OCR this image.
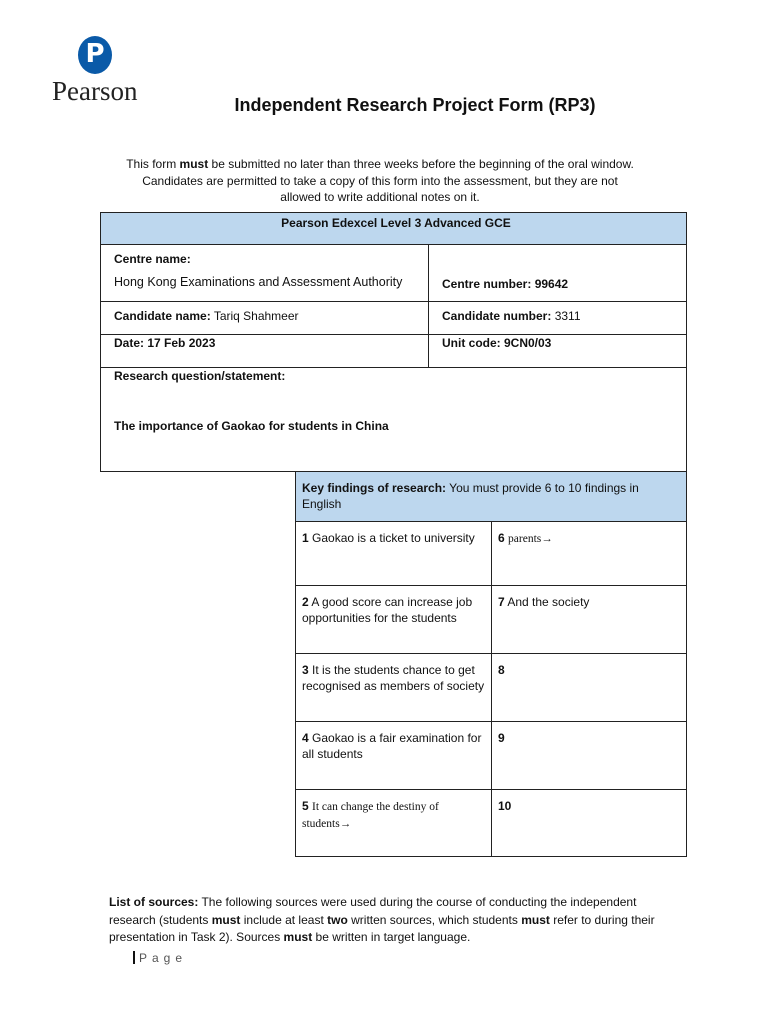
P
Pearson	Independent Research Project Form (RP3)
This form must be submitted no later than three weeks before the beginning of the oral window.
Candidates are permitted to take a copy of this form into the assessment, but they are not
allowed to write additional notes on it.
Pearson Edexcel Level 3 Advanced GCE	

Centre name:
Hong Kong Examinations and Assessment Authority	Centre number: 99642
Candidate name: Tariq Shahmeer	Candidate number: 3311
Date: 17 Feb 2023	Unit code: 9CN0/03

Research question/statement:
The importance of Gaokao for students in China	
Key findings of research: You must provide 6 to 10 findings in English	
1 Gaokao is a ticket to university	6 parents→
2 A good score can increase job opportunities for the students	7 And the society
3 It is the students chance to get recognised as members of society	8
4 Gaokao is a fair examination for all students	9
5 It can change the destiny of students→	10
List of sources: The following sources were used during the course of conducting the independent research (students must include at least two written sources, which students must refer to during their presentation in Task 2). Sources must be written in target language.
Page
